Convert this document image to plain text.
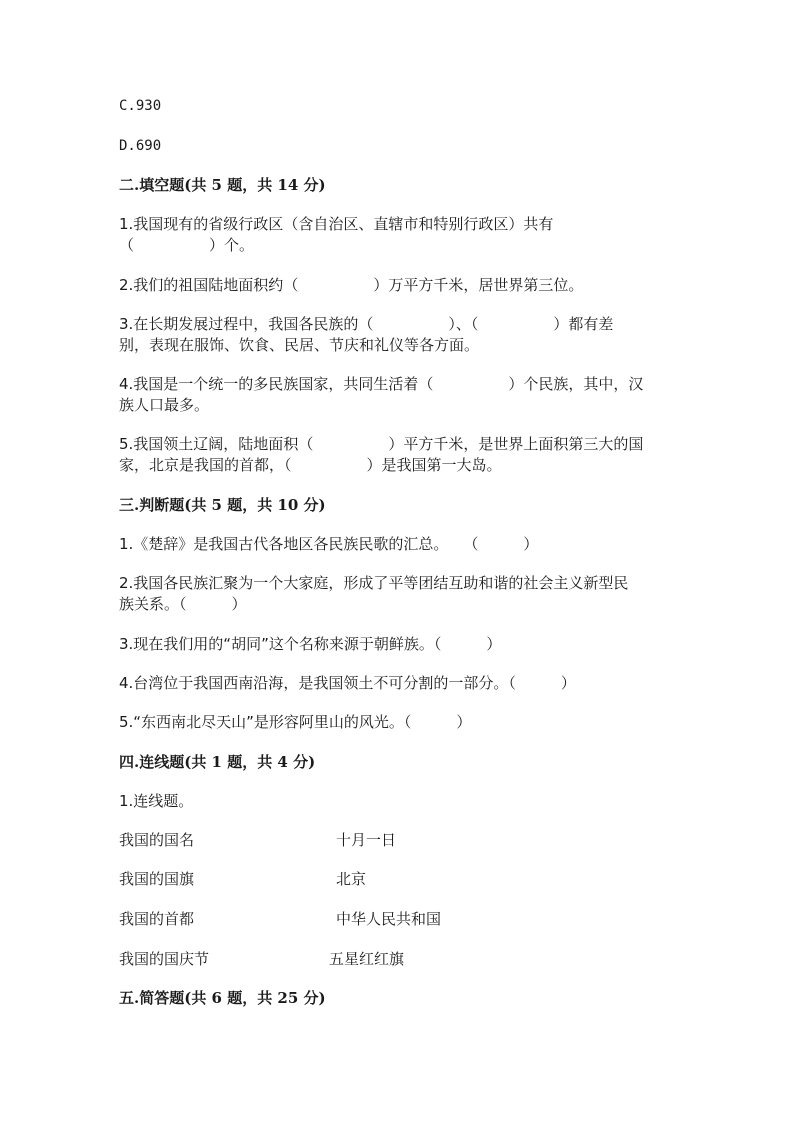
C.930
D.690
二.填空题(共 5 题，共 14 分)
1.我国现有的省级行政区（含自治区、直辖市和特别行政区）共有
（　　　　　）个。
2.我们的祖国陆地面积约（　　　　　）万平方千米，居世界第三位。
3.在长期发展过程中，我国各民族的（　　　　　）、（　　　　　）都有差
别，表现在服饰、饮食、民居、节庆和礼仪等各方面。
4.我国是一个统一的多民族国家，共同生活着（　　　　　）个民族，其中，汉
族人口最多。
5.我国领土辽阔，陆地面积（　　　　　）平方千米，是世界上面积第三大的国
家，北京是我国的首都，（　　　　　）是我国第一大岛。
三.判断题(共 5 题，共 10 分)
1.《楚辞》是我国古代各地区各民族民歌的汇总。　　（　　　）
2.我国各民族汇聚为一个大家庭，形成了平等团结互助和谐的社会主义新型民
族关系。（　　　）
3.现在我们用的“胡同”这个名称来源于朝鲜族。（　　　）
4.台湾位于我国西南沿海，是我国领土不可分割的一部分。（　　　）
5.“东西南北尽天山”是形容阿里山的风光。（　　　）
四.连线题(共 1 题，共 4 分)
1.连线题。
我国的国名	十月一日
我国的国旗	北京
我国的首都	中华人民共和国
我国的国庆节	五星红红旗
五.简答题(共 6 题，共 25 分)
